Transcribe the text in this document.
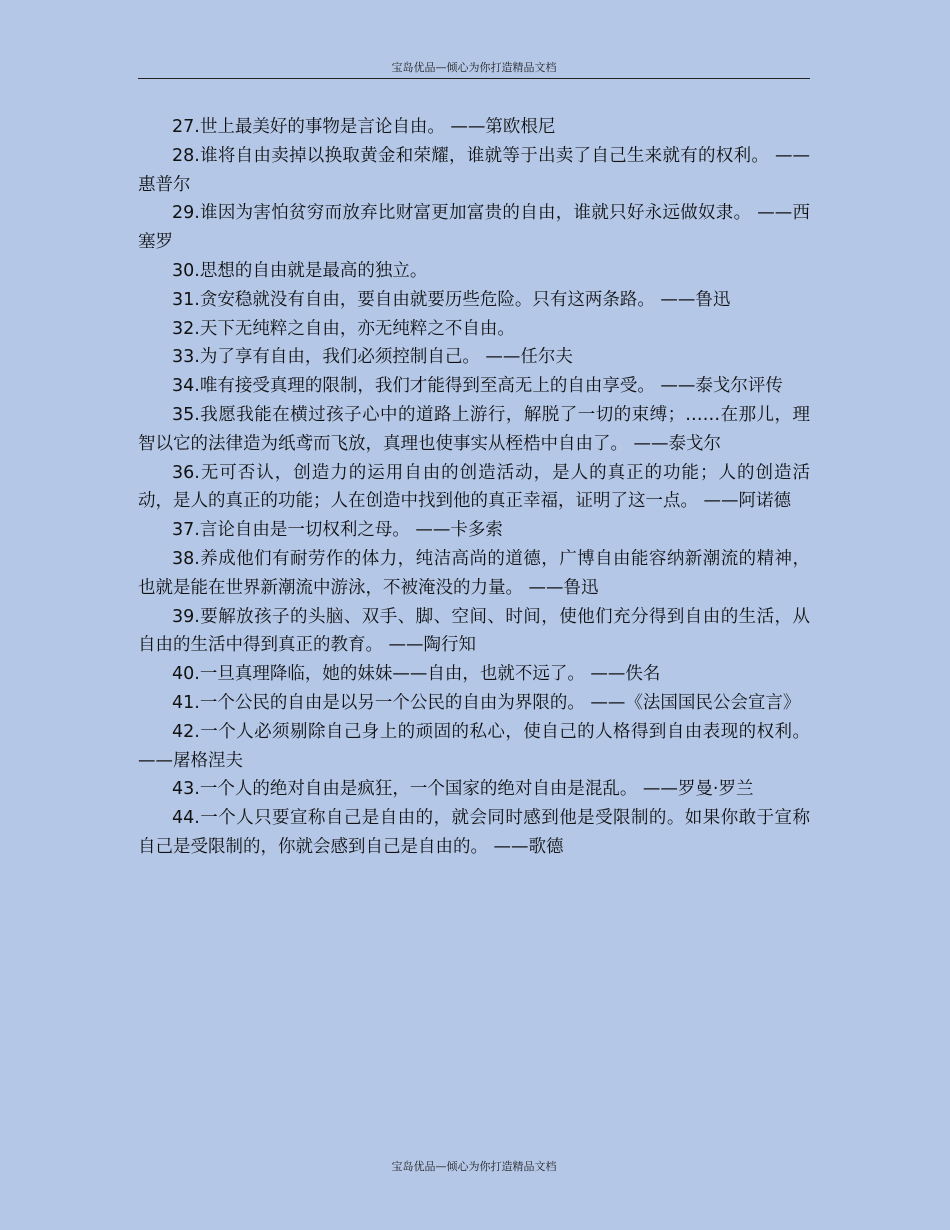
宝岛优品—倾心为你打造精品文档

27.世上最美好的事物是言论自由。 ——第欧根尼

28.谁将自由卖掉以换取黄金和荣耀，谁就等于出卖了自己生来就有的权利。 ——惠普尔

29.谁因为害怕贫穷而放弃比财富更加富贵的自由，谁就只好永远做奴隶。 ——西塞罗

30.思想的自由就是最高的独立。

31.贪安稳就没有自由，要自由就要历些危险。只有这两条路。 ——鲁迅

32.天下无纯粹之自由，亦无纯粹之不自由。

33.为了享有自由，我们必须控制自己。 ——任尔夫

34.唯有接受真理的限制，我们才能得到至高无上的自由享受。 ——泰戈尔评传

35.我愿我能在横过孩子心中的道路上游行，解脱了一切的束缚；……在那儿，理智以它的法律造为纸鸢而飞放，真理也使事实从桎梏中自由了。 ——泰戈尔

36.无可否认，创造力的运用自由的创造活动，是人的真正的功能；人的创造活动，是人的真正的功能；人在创造中找到他的真正幸福，证明了这一点。 ——阿诺德

37.言论自由是一切权利之母。 ——卡多索

38.养成他们有耐劳作的体力，纯洁高尚的道德，广博自由能容纳新潮流的精神，也就是能在世界新潮流中游泳，不被淹没的力量。 ——鲁迅

39.要解放孩子的头脑、双手、脚、空间、时间，使他们充分得到自由的生活，从自由的生活中得到真正的教育。 ——陶行知

40.一旦真理降临，她的妹妹——自由，也就不远了。 ——佚名

41.一个公民的自由是以另一个公民的自由为界限的。 ——《法国国民公会宣言》

42.一个人必须剔除自己身上的顽固的私心，使自己的人格得到自由表现的权利。 ——屠格涅夫

43.一个人的绝对自由是疯狂，一个国家的绝对自由是混乱。 ——罗曼·罗兰

44.一个人只要宣称自己是自由的，就会同时感到他是受限制的。如果你敢于宣称自己是受限制的，你就会感到自己是自由的。 ——歌德

宝岛优品—倾心为你打造精品文档
